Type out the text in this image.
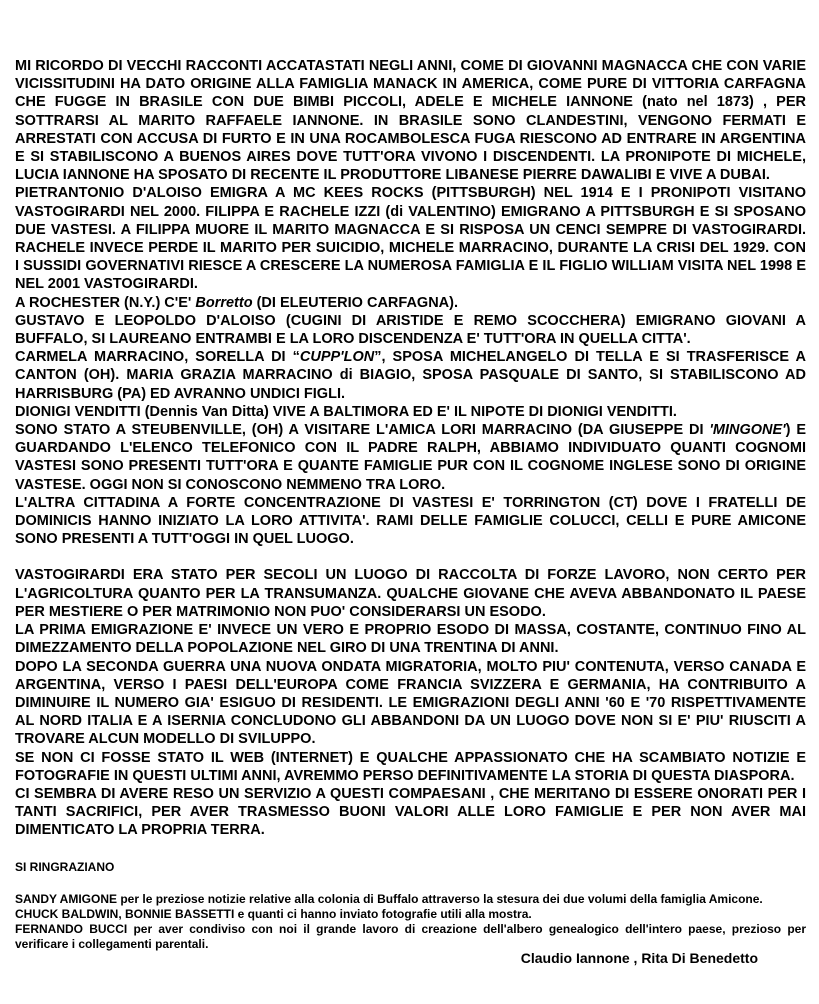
MI RICORDO DI VECCHI RACCONTI ACCATASTATI NEGLI ANNI, COME DI GIOVANNI MAGNACCA CHE CON VARIE VICISSITUDINI HA DATO ORIGINE ALLA FAMIGLIA MANACK IN AMERICA, COME PURE DI VITTORIA CARFAGNA CHE FUGGE IN BRASILE CON DUE BIMBI PICCOLI, ADELE E MICHELE IANNONE (nato nel 1873) , PER SOTTRARSI AL MARITO RAFFAELE IANNONE. IN BRASILE SONO CLANDESTINI, VENGONO FERMATI E ARRESTATI CON ACCUSA DI FURTO E IN UNA ROCAMBOLESCA FUGA RIESCONO AD ENTRARE IN ARGENTINA E SI STABILISCONO A BUENOS AIRES DOVE TUTT'ORA VIVONO I DISCENDENTI. LA PRONIPOTE DI MICHELE, LUCIA IANNONE HA SPOSATO DI RECENTE IL PRODUTTORE LIBANESE PIERRE DAWALIBI E VIVE A DUBAI.

PIETRANTONIO D'ALOISO EMIGRA A MC KEES ROCKS (PITTSBURGH) NEL 1914 E I PRONIPOTI VISITANO VASTOGIRARDI NEL 2000. FILIPPA E RACHELE IZZI (di VALENTINO) EMIGRANO A PITTSBURGH E SI SPOSANO DUE VASTESI. A FILIPPA MUORE IL MARITO MAGNACCA E SI RISPOSA UN CENCI SEMPRE DI VASTOGIRARDI. RACHELE INVECE PERDE IL MARITO PER SUICIDIO, MICHELE MARRACINO, DURANTE LA CRISI DEL 1929. CON I SUSSIDI GOVERNATIVI RIESCE A CRESCERE LA NUMEROSA FAMIGLIA E IL FIGLIO WILLIAM VISITA NEL 1998 E NEL 2001 VASTOGIRARDI.

A ROCHESTER (N.Y.) C'E' Borretto (DI ELEUTERIO CARFAGNA).

GUSTAVO E LEOPOLDO D'ALOISO (CUGINI DI ARISTIDE E REMO SCOCCHERA) EMIGRANO GIOVANI A BUFFALO, SI LAUREANO ENTRAMBI E LA LORO DISCENDENZA E' TUTT'ORA IN QUELLA CITTA'.

CARMELA MARRACINO, SORELLA DI “CUPP'LON”, SPOSA MICHELANGELO DI TELLA E SI TRASFERISCE A CANTON (OH). MARIA GRAZIA MARRACINO di BIAGIO, SPOSA PASQUALE DI SANTO, SI STABILISCONO AD HARRISBURG (PA) ED AVRANNO UNDICI FIGLI.

DIONIGI VENDITTI (Dennis Van Ditta) VIVE A BALTIMORA ED E' IL NIPOTE DI DIONIGI VENDITTI.

SONO STATO A STEUBENVILLE, (OH) A VISITARE L'AMICA LORI MARRACINO (DA GIUSEPPE DI 'MINGONE') E GUARDANDO L'ELENCO TELEFONICO CON IL PADRE RALPH, ABBIAMO INDIVIDUATO QUANTI COGNOMI VASTESI SONO PRESENTI TUTT'ORA E QUANTE FAMIGLIE PUR CON IL COGNOME INGLESE SONO DI ORIGINE VASTESE. OGGI NON SI CONOSCONO NEMMENO TRA LORO.

L'ALTRA CITTADINA A FORTE CONCENTRAZIONE DI VASTESI E' TORRINGTON (CT) DOVE I FRATELLI DE DOMINICIS HANNO INIZIATO LA LORO ATTIVITA'. RAMI DELLE FAMIGLIE COLUCCI, CELLI E PURE AMICONE SONO PRESENTI A TUTT'OGGI IN QUEL LUOGO.

VASTOGIRARDI ERA STATO PER SECOLI UN LUOGO DI RACCOLTA DI FORZE LAVORO, NON CERTO PER L'AGRICOLTURA QUANTO PER LA TRANSUMANZA. QUALCHE GIOVANE CHE AVEVA ABBANDONATO IL PAESE PER MESTIERE O PER MATRIMONIO NON PUO' CONSIDERARSI UN ESODO.

LA PRIMA EMIGRAZIONE E' INVECE UN VERO E PROPRIO ESODO DI MASSA, COSTANTE, CONTINUO FINO AL DIMEZZAMENTO DELLA POPOLAZIONE NEL GIRO DI UNA TRENTINA DI ANNI.

DOPO LA SECONDA GUERRA UNA NUOVA ONDATA MIGRATORIA, MOLTO PIU' CONTENUTA, VERSO CANADA E ARGENTINA, VERSO I PAESI DELL'EUROPA COME FRANCIA SVIZZERA E GERMANIA, HA CONTRIBUITO A DIMINUIRE IL NUMERO GIA' ESIGUO DI RESIDENTI. LE EMIGRAZIONI DEGLI ANNI '60 E '70 RISPETTIVAMENTE AL NORD ITALIA E A ISERNIA CONCLUDONO GLI ABBANDONI DA UN LUOGO DOVE NON SI E' PIU' RIUSCITI A TROVARE ALCUN MODELLO DI SVILUPPO.

SE NON CI FOSSE STATO IL WEB (INTERNET) E QUALCHE APPASSIONATO CHE HA SCAMBIATO NOTIZIE E FOTOGRAFIE IN QUESTI ULTIMI ANNI, AVREMMO PERSO DEFINITIVAMENTE LA STORIA DI QUESTA DIASPORA.

CI SEMBRA DI AVERE RESO UN SERVIZIO A QUESTI COMPAESANI , CHE MERITANO DI ESSERE ONORATI PER I TANTI SACRIFICI, PER AVER TRASMESSO BUONI VALORI ALLE LORO FAMIGLIE E PER NON AVER MAI DIMENTICATO LA PROPRIA TERRA.

SI RINGRAZIANO

SANDY AMIGONE per le preziose notizie relative alla colonia di Buffalo attraverso la stesura dei due volumi della famiglia Amicone.

CHUCK BALDWIN, BONNIE BASSETTI e quanti ci hanno inviato fotografie utili alla mostra.

FERNANDO BUCCI per aver condiviso con noi il grande lavoro di creazione dell'albero genealogico dell'intero paese, prezioso per verificare i collegamenti parentali.

Claudio Iannone , Rita Di Benedetto
